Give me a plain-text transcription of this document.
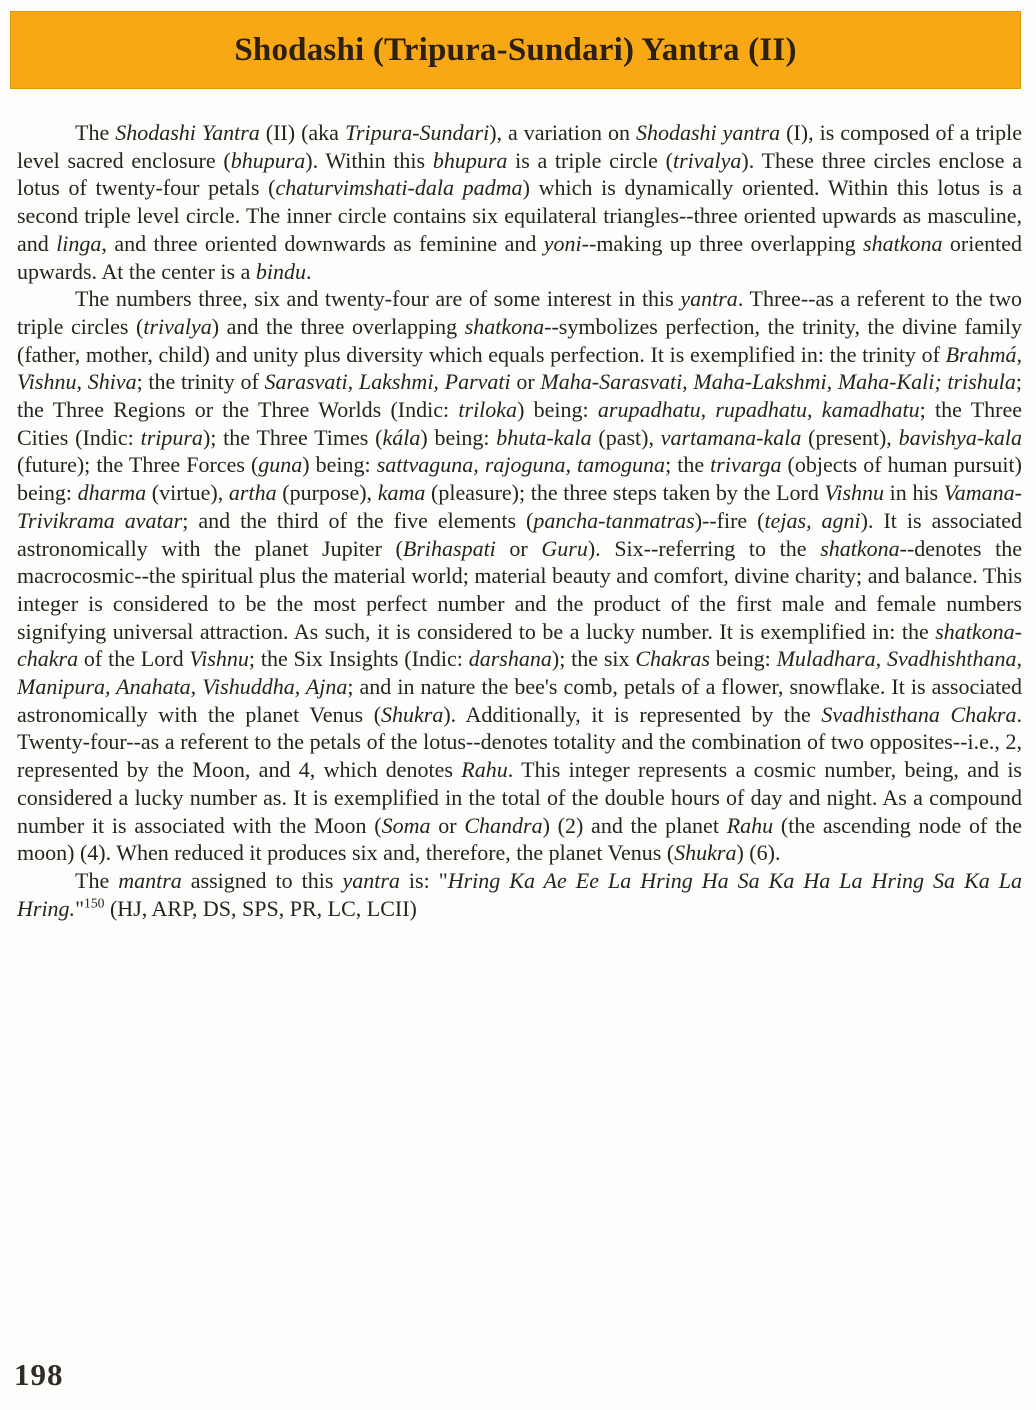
Shodashi (Tripura-Sundari) Yantra (II)

The Shodashi Yantra (II) (aka Tripura-Sundari), a variation on Shodashi yantra (I), is composed of a triple level sacred enclosure (bhupura). Within this bhupura is a triple circle (trivalya). These three circles enclose a lotus of twenty-four petals (chaturvimshati-dala padma) which is dynamically oriented. Within this lotus is a second triple level circle. The inner circle contains six equilateral triangles--three oriented upwards as masculine, and linga, and three oriented downwards as feminine and yoni--making up three overlapping shatkona oriented upwards. At the center is a bindu.

The numbers three, six and twenty-four are of some interest in this yantra. Three--as a referent to the two triple circles (trivalya) and the three overlapping shatkona--symbolizes perfection, the trinity, the divine family (father, mother, child) and unity plus diversity which equals perfection. It is exemplified in: the trinity of Brahmá, Vishnu, Shiva; the trinity of Sarasvati, Lakshmi, Parvati or Maha-Sarasvati, Maha-Lakshmi, Maha-Kali; trishula; the Three Regions or the Three Worlds (Indic: triloka) being: arupadhatu, rupadhatu, kamadhatu; the Three Cities (Indic: tripura); the Three Times (kála) being: bhuta-kala (past), vartamana-kala (present), bavishya-kala (future); the Three Forces (guna) being: sattvaguna, rajoguna, tamoguna; the trivarga (objects of human pursuit) being: dharma (virtue), artha (purpose), kama (pleasure); the three steps taken by the Lord Vishnu in his Vamana-Trivikrama avatar; and the third of the five elements (pancha-tanmatras)--fire (tejas, agni). It is associated astronomically with the planet Jupiter (Brihaspati or Guru). Six--referring to the shatkona--denotes the macrocosmic--the spiritual plus the material world; material beauty and comfort, divine charity; and balance. This integer is considered to be the most perfect number and the product of the first male and female numbers signifying universal attraction. As such, it is considered to be a lucky number. It is exemplified in: the shatkona-chakra of the Lord Vishnu; the Six Insights (Indic: darshana); the six Chakras being: Muladhara, Svadhishthana, Manipura, Anahata, Vishuddha, Ajna; and in nature the bee's comb, petals of a flower, snowflake. It is associated astronomically with the planet Venus (Shukra). Additionally, it is represented by the Svadhisthana Chakra. Twenty-four--as a referent to the petals of the lotus--denotes totality and the combination of two opposites--i.e., 2, represented by the Moon, and 4, which denotes Rahu. This integer represents a cosmic number, being, and is considered a lucky number as. It is exemplified in the total of the double hours of day and night. As a compound number it is associated with the Moon (Soma or Chandra) (2) and the planet Rahu (the ascending node of the moon) (4). When reduced it produces six and, therefore, the planet Venus (Shukra) (6).

The mantra assigned to this yantra is: "Hring Ka Ae Ee La Hring Ha Sa Ka Ha La Hring Sa Ka La Hring."$^{150}$ (HJ, ARP, DS, SPS, PR, LC, LCII)

198
